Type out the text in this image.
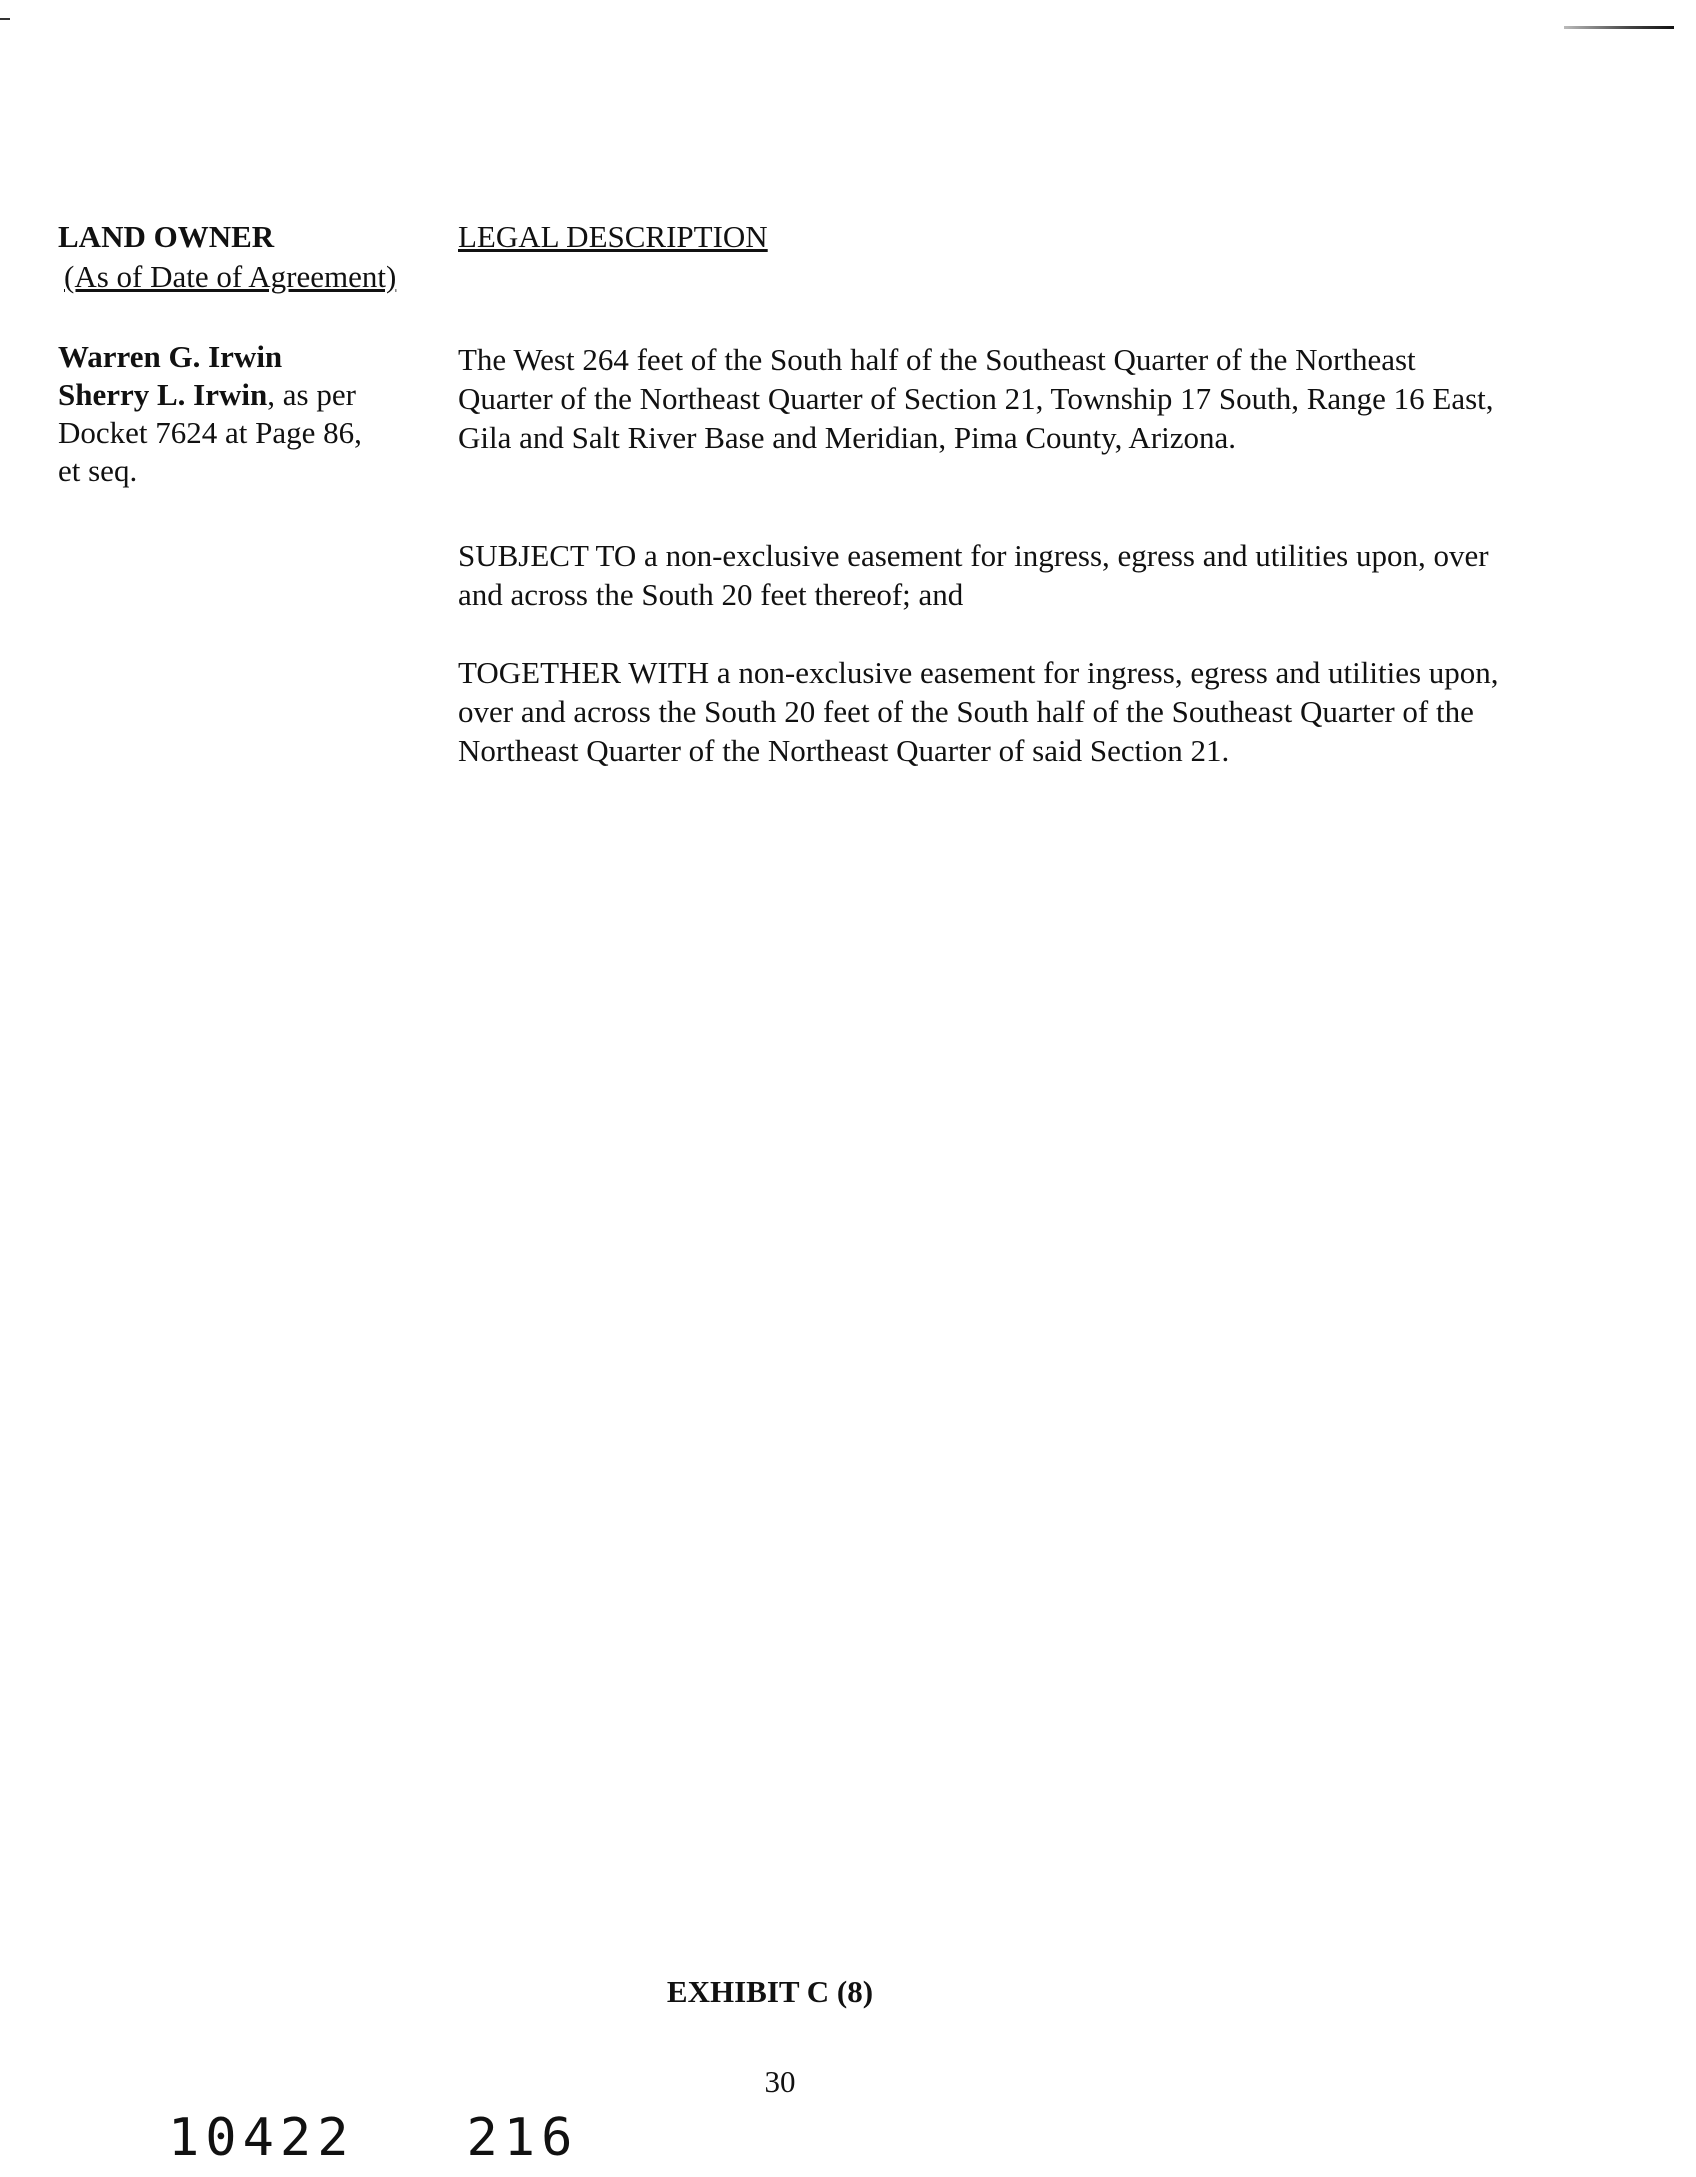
LAND OWNER
(As of Date of Agreement)
LEGAL DESCRIPTION
Warren G. Irwin
Sherry L. Irwin, as per
Docket 7624 at Page 86,
et seq.

The West 264 feet of the South half of the Southeast Quarter of the Northeast Quarter of the Northeast Quarter of Section 21, Township 17 South, Range 16 East, Gila and Salt River Base and Meridian, Pima County, Arizona.

SUBJECT TO a non-exclusive easement for ingress, egress and utilities upon, over and across the South 20 feet thereof; and

TOGETHER WITH a non-exclusive easement for ingress, egress and utilities upon, over and across the South 20 feet of the South half of the Southeast Quarter of the Northeast Quarter of the Northeast Quarter of said Section 21.

EXHIBIT C (8)
30
10422 216
